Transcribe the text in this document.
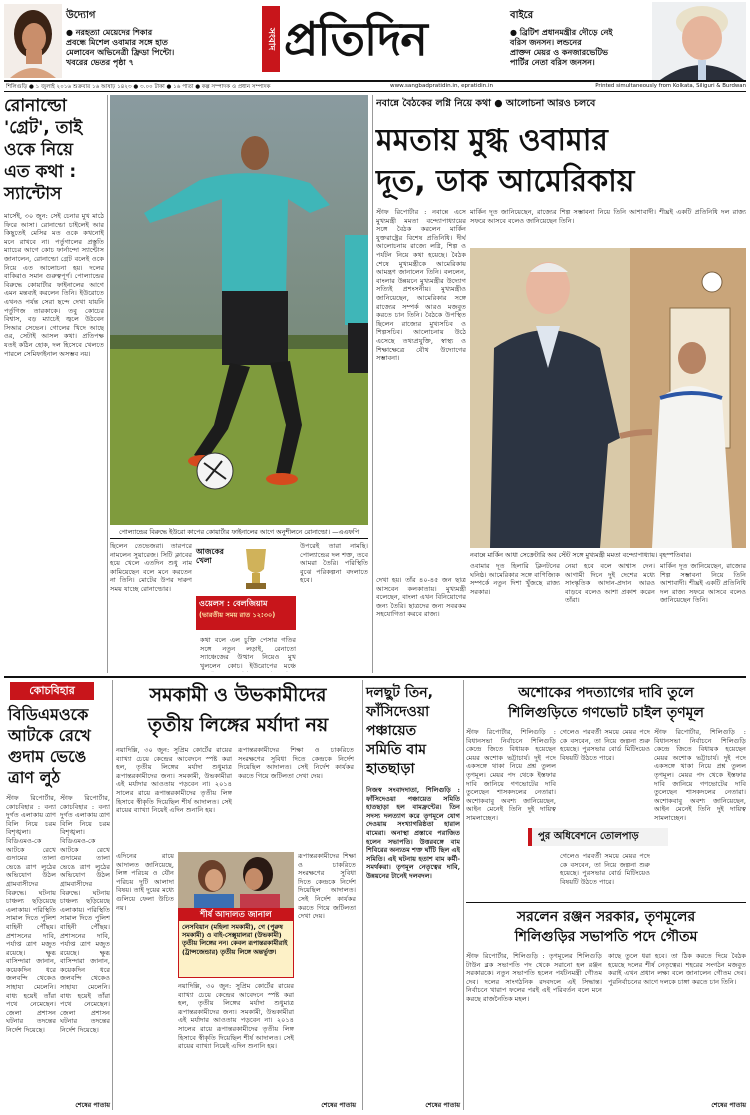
উদ্যোগ
● নরহত্যা মেয়েদের শিকার
প্রবন্ধে মিশেল ওবামার সঙ্গে হাত
মেলাবেন অভিনেত্রী ফ্রিডা পিন্টো।
খবরের ভেতর পৃষ্ঠা ৭
সংবাদ প্রতিদিন	বাইরে
● ব্রিটিশ প্রধানমন্ত্রীর দৌড়ে নেই
বরিস জনসন। লন্ডনের
প্রাক্তন মেয়র ও কনজারভেটিভ
পার্টির নেতা বরিস জনসন।
শিলিগুড়ি ● ১ জুলাই ২০১৬ শুক্রবার ১৬ আষাঢ় ১৪২৩ ● ৩.০০ টাকা ● ১৬ পাতা ● কল্প সম্পাদক ও প্রধান সম্পাদক	www.sangbadpratidin.in, epratidin.in	Printed simultaneously from Kolkata, Siliguri & Burdwan
রোনাল্ডো
'গ্রেট', তাই
ওকে নিয়ে
এত কথা :
স্যান্টোস
মার্সেই, ৩০ জুন: সেই চেনার মুখ মাঠে ফিরে আসা। রোনাল্ডো চাইলেই আর কিছুতেই মেসির মত ওকে কখনোই মনে রাখবে না। পর্তুগালের প্রস্তুতি ম্যাচের আগে কোচ ফার্নান্দো স্যান্টোস জানালেন, রোনাল্ডো গ্রেট বলেই ওকে নিয়ে এত আলোচনা হয়। দলের বাকিরাও সমান গুরুত্বপূর্ণ। পোল্যান্ডের বিরুদ্ধে কোয়ার্টার ফাইনালের আগে এমন মন্তব্যই করলেন তিনি। ইউরোতে এখনও পর্যন্ত সেরা ছন্দে দেখা যায়নি পর্তুগিজ তারকাকে। তবু কোচের বিশ্বাস, বড় ম্যাচেই জ্বলে উঠবেন সিআর সেভেন। গোলের খিদে আছে ওর, সেটাই আসল কথা। প্রতিপক্ষ যতই কঠিন হোক, দল হিসেবে খেলতে পারলে সেমিফাইনাল অসম্ভব নয়।
পোল্যান্ডের বিরুদ্ধে ইউরো কাপের কোয়ার্টার ফাইনালের আগে অনুশীলনে রোনাল্ডো। —এএফপি
ছিলেন তেভেজরা। তারপরে নামলেন সুয়ারেজ। সিটি ক্লাবের হয়ে খেলে এতদিন শুধু নাম কামিয়েছেন বলে মনে করতেন না তিনি। মোটের উপর দারুণ সময় যাচ্ছে রোনাল্ডোর।
আজকের খেলা
ওয়েলস : বেলজিয়াম
(ভারতীয় সময় রাত ১২:৩০)
উপরেই তারা নামছি। পোল্যান্ডের দল শক্ত, তবে আমরা তৈরি। পরিস্থিতি বুঝে পরিকল্পনা বদলাতে হবে।
কথা বলে এল চুক্তি পেসার গতির সঙ্গে নতুন লড়াই, রেনাতো স্যাঞ্চেজের উত্থান নিয়েও মুখ খুললেন কোচ। ইউরোপের মঞ্চে
নবান্নে বৈঠকের লগ্নি নিয়ে কথা ● আলোচনা আরও চলবে
মমতায় মুগ্ধ ওবামার
দূত, ডাক আমেরিকায়
স্টাফ রিপোর্টার : নবান্নে এসে মুখ্যমন্ত্রী মমতা বন্দ্যোপাধ্যায়ের সঙ্গে বৈঠক করলেন মার্কিন যুক্তরাষ্ট্রের বিশেষ প্রতিনিধি। দীর্ঘ আলোচনায় রাজ্যে লগ্নি, শিল্প ও পর্যটন নিয়ে কথা হয়েছে। বৈঠক শেষে মুখ্যমন্ত্রীকে আমেরিকায় আমন্ত্রণ জানালেন তিনি। বললেন, বাংলার উন্নয়নে মুখ্যমন্ত্রীর উদ্যোগ সত্যিই প্রশংসনীয়। মুখ্যমন্ত্রীও জানিয়েছেন, আমেরিকার সঙ্গে রাজ্যের সম্পর্ক আরও মজবুত করতে চান তিনি। বৈঠকে উপস্থিত ছিলেন রাজ্যের মুখ্যসচিব ও শিল্পসচিব। আলোচনায় উঠে এসেছে তথ্যপ্রযুক্তি, স্বাস্থ্য ও শিক্ষাক্ষেত্রে যৌথ উদ্যোগের সম্ভাবনা।
নবান্নে মার্কিন আধা সেক্রেটারি অব স্টেট সঙ্গে মুখ্যমন্ত্রী মমতা বন্দ্যোপাধ্যায়। বৃহস্পতিবার।
মার্কিন দূত জানিয়েছেন, রাজ্যের শিল্প সম্ভাবনা নিয়ে তিনি আশাবাদী। শীঘ্রই একটি প্রতিনিধি দল রাজ্য সফরে আসবে বলেও জানিয়েছেন তিনি।
দেখা হয়। তাঁর ৪০-৪৫ জন ছাত্র আসবেন কলকাতায়। মুখ্যমন্ত্রী বলেছেন, বাংলা এখন বিনিয়োগের জন্য তৈরি। ছাত্রদের জন্য সবরকম সহযোগিতা করবে রাজ্য।
ওবামার দূত হিলারি ক্লিনটনের ঘনিষ্ঠ। আমেরিকার সঙ্গে বাণিজ্যিক সম্পর্কে নতুন দিশা খুঁজছে রাজ্য সরকার।
নেয়া হবে বলে আশ্বাস দেন। আগামী দিনে দুই দেশের মধ্যে সাংস্কৃতিক আদান-প্রদান আরও বাড়বে বলেও আশা প্রকাশ করেন তাঁরা।
মার্কিন দূত জানিয়েছেন, রাজ্যের শিল্প সম্ভাবনা নিয়ে তিনি আশাবাদী। শীঘ্রই একটি প্রতিনিধি দল রাজ্য সফরে আসবে বলেও জানিয়েছেন তিনি।
কোচবিহার
বিডিএমওকে
আটকে রেখে
গুদাম ভেঙে
ত্রাণ লুঠ
স্টাফ রিপোর্টার, কোচবিহার : বন্যা দুর্গত এলাকায় ত্রাণ বিলি নিয়ে চরম বিশৃঙ্খলা। বিডিএমও-কে আটকে রেখে গুদামের তালা ভেঙে ত্রাণ লুঠের অভিযোগ উঠল গ্রামবাসীদের বিরুদ্ধে। ঘটনায় চাঞ্চল্য ছড়িয়েছে এলাকায়। পরিস্থিতি সামাল দিতে পুলিশ বাহিনী পৌঁছয়। প্রশাসনের দাবি, পর্যাপ্ত ত্রাণ মজুত রয়েছে। ক্ষুব্ধ বাসিন্দারা জানান, কয়েকদিন ধরে জলবন্দি থেকেও সাহায্য মেলেনি। বাধ্য হয়েই তাঁরা পথে নেমেছেন। জেলা প্রশাসন ঘটনার তদন্তের নির্দেশ দিয়েছে।
স্টাফ রিপোর্টার, কোচবিহার : বন্যা দুর্গত এলাকায় ত্রাণ বিলি নিয়ে চরম বিশৃঙ্খলা। বিডিএমও-কে আটকে রেখে গুদামের তালা ভেঙে ত্রাণ লুঠের অভিযোগ উঠল গ্রামবাসীদের বিরুদ্ধে। ঘটনায় চাঞ্চল্য ছড়িয়েছে এলাকায়। পরিস্থিতি সামাল দিতে পুলিশ বাহিনী পৌঁছয়। প্রশাসনের দাবি, পর্যাপ্ত ত্রাণ মজুত রয়েছে। ক্ষুব্ধ বাসিন্দারা জানান, কয়েকদিন ধরে জলবন্দি থেকেও সাহায্য মেলেনি। বাধ্য হয়েই তাঁরা পথে নেমেছেন। জেলা প্রশাসন ঘটনার তদন্তের নির্দেশ দিয়েছে।
শেষের পাতায়
সমকামী ও উভকামীদের
তৃতীয় লিঙ্গের মর্যাদা নয়
নয়াদিল্লি, ৩০ জুন: সুপ্রিম কোর্টের রায়ের ব্যাখ্যা চেয়ে কেন্দ্রের আবেদনে স্পষ্ট করা হল, তৃতীয় লিঙ্গের মর্যাদা শুধুমাত্র রূপান্তরকামীদের জন্য। সমকামী, উভকামীরা এই মর্যাদার আওতায় পড়বেন না। ২০১৪ সালের রায়ে রূপান্তরকামীদের তৃতীয় লিঙ্গ হিসাবে স্বীকৃতি দিয়েছিল শীর্ষ আদালত। সেই রায়ের ব্যাখ্যা নিয়েই এদিন শুনানি হয়।
রূপান্তরকামীদের শিক্ষা ও চাকরিতে সংরক্ষণের সুবিধা দিতে কেন্দ্রকে নির্দেশ দিয়েছিল আদালত। সেই নির্দেশ কার্যকর করতে গিয়ে জটিলতা দেখা দেয়।
শীর্ষ আদালত জানাল
লেসবিয়ান (মহিলা সমকামী), গে (পুরুষ সমকামী) ও বাই-সেক্সুয়ালরা (উভকামী) তৃতীয় লিঙ্গের নন। কেবল রূপান্তরকামীরাই (ট্রান্সজেন্ডার) তৃতীয় লিঙ্গে অন্তর্ভুক্ত।
এদিনের রায়ে আদালত জানিয়েছে, লিঙ্গ পরিচয় ও যৌন পরিচয় দুটি আলাদা বিষয়। তাই দুয়ের মধ্যে গুলিয়ে ফেলা উচিত নয়।
নয়াদিল্লি, ৩০ জুন: সুপ্রিম কোর্টের রায়ের ব্যাখ্যা চেয়ে কেন্দ্রের আবেদনে স্পষ্ট করা হল, তৃতীয় লিঙ্গের মর্যাদা শুধুমাত্র রূপান্তরকামীদের জন্য। সমকামী, উভকামীরা এই মর্যাদার আওতায় পড়বেন না। ২০১৪ সালের রায়ে রূপান্তরকামীদের তৃতীয় লিঙ্গ হিসাবে স্বীকৃতি দিয়েছিল শীর্ষ আদালত। সেই রায়ের ব্যাখ্যা নিয়েই এদিন শুনানি হয়।
রূপান্তরকামীদের শিক্ষা ও চাকরিতে সংরক্ষণের সুবিধা দিতে কেন্দ্রকে নির্দেশ দিয়েছিল আদালত। সেই নির্দেশ কার্যকর করতে গিয়ে জটিলতা দেখা দেয়।
শেষের পাতায়
দলছুট তিন,
ফাঁসিদেওয়া
পঞ্চায়েত
সমিতি বাম
হাতছাড়া
নিজস্ব সংবাদদাতা, শিলিগুড়ি : ফাঁসিদেওয়া পঞ্চায়েত সমিতি হাতছাড়া হল বামফ্রন্টের। তিন সদস্য দলত্যাগ করে তৃণমূলে যোগ দেওয়ায় সংখ্যাগরিষ্ঠতা হারাল বামেরা। অনাস্থা প্রস্তাবে পরাজিত হলেন সভাপতি। উত্তরবঙ্গে বাম শিবিরের অন্যতম শক্ত ঘাঁটি ছিল এই সমিতি। এই ঘটনায় হতাশ বাম কর্মী-সমর্থকরা। তৃণমূল নেতৃত্বের দাবি, উন্নয়নের টানেই দলবদল।
শেষের পাতায়
অশোকের পদত্যাগের দাবি তুলে
শিলিগুড়িতে গণভোট চাইল তৃণমূল
স্টাফ রিপোর্টার, শিলিগুড়ি : বিধানসভা নির্বাচনে শিলিগুড়ি কেন্দ্রে জিতে বিধায়ক হয়েছেন মেয়র অশোক ভট্টাচার্য। দুই পদে একসঙ্গে থাকা নিয়ে প্রশ্ন তুলল তৃণমূল। মেয়র পদ থেকে ইস্তফার দাবি জানিয়ে গণভোটের দাবি তুলেছেন শাসকদলের নেতারা। অশোকবাবু অবশ্য জানিয়েছেন, আইন মেনেই তিনি দুই দায়িত্ব সামলাচ্ছেন।
গেলেও পরবর্তী সময়ে মেয়র পদে কে বসবেন, তা নিয়ে জল্পনা শুরু হয়েছে। পুরসভার বোর্ড মিটিংয়েও বিষয়টি উঠতে পারে।
স্টাফ রিপোর্টার, শিলিগুড়ি : বিধানসভা নির্বাচনে শিলিগুড়ি কেন্দ্রে জিতে বিধায়ক হয়েছেন মেয়র অশোক ভট্টাচার্য। দুই পদে একসঙ্গে থাকা নিয়ে প্রশ্ন তুলল তৃণমূল। মেয়র পদ থেকে ইস্তফার দাবি জানিয়ে গণভোটের দাবি তুলেছেন শাসকদলের নেতারা। অশোকবাবু অবশ্য জানিয়েছেন, আইন মেনেই তিনি দুই দায়িত্ব সামলাচ্ছেন।
পুর অধিবেশনে তোলপাড়
গেলেও পরবর্তী সময়ে মেয়র পদে কে বসবেন, তা নিয়ে জল্পনা শুরু হয়েছে। পুরসভার বোর্ড মিটিংয়েও বিষয়টি উঠতে পারে।
সরলেন রঞ্জন সরকার, তৃণমূলের
শিলিগুড়ির সভাপতি পদে গৌতম
স্টাফ রিপোর্টার, শিলিগুড়ি : তৃণমূলের শিলিগুড়ি টাউন ব্লক সভাপতি পদ থেকে সরানো হল রঞ্জন সরকারকে। নতুন সভাপতি হলেন পর্যটনমন্ত্রী গৌতম দেব। দলের সাংগঠনিক রদবদলে এই সিদ্ধান্ত। নির্বাচনে খারাপ ফলের পরই এই পরিবর্তন বলে মনে করছে রাজনৈতিক মহল।
কাছে তুলে ধরা হবে। তা ঠিক করতে দিয়ে বৈঠক হয়েছে দলের শীর্ষ নেতৃত্বের। শহরের সংগঠন মজবুত করাই এখন প্রধান লক্ষ্য বলে জানালেন গৌতম দেব। পুরনির্বাচনের আগে দলকে চাঙ্গা করতে চান তিনি।
শেষের পাতায়
